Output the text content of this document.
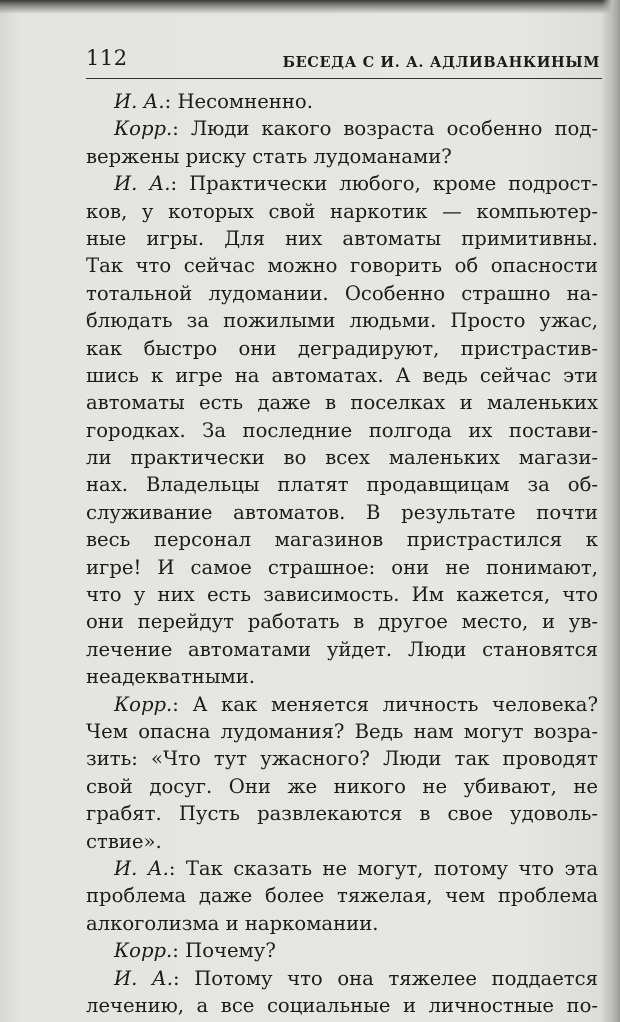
112	БЕСЕДА С И. А. АДЛИВАНКИНЫМ
И. А.: Несомненно.
Корр.: Люди какого возраста особенно под-
вержены риску стать лудоманами?
И. А.: Практически любого, кроме подрост-
ков, у которых свой наркотик — компьютер-
ные игры. Для них автоматы примитивны.
Так что сейчас можно говорить об опасности
тотальной лудомании. Особенно страшно на-
блюдать за пожилыми людьми. Просто ужас,
как быстро они деградируют, пристрастив-
шись к игре на автоматах. А ведь сейчас эти
автоматы есть даже в поселках и маленьких
городках. За последние полгода их постави-
ли практически во всех маленьких магази-
нах. Владельцы платят продавщицам за об-
служивание автоматов. В результате почти
весь персонал магазинов пристрастился к
игре! И самое страшное: они не понимают,
что у них есть зависимость. Им кажется, что
они перейдут работать в другое место, и ув-
лечение автоматами уйдет. Люди становятся
неадекватными.
Корр.: А как меняется личность человека?
Чем опасна лудомания? Ведь нам могут возра-
зить: «Что тут ужасного? Люди так проводят
свой досуг. Они же никого не убивают, не
грабят. Пусть развлекаются в свое удоволь-
ствие».
И. А.: Так сказать не могут, потому что эта
проблема даже более тяжелая, чем проблема
алкоголизма и наркомании.
Корр.: Почему?
И. А.: Потому что она тяжелее поддается
лечению, а все социальные и личностные по-
